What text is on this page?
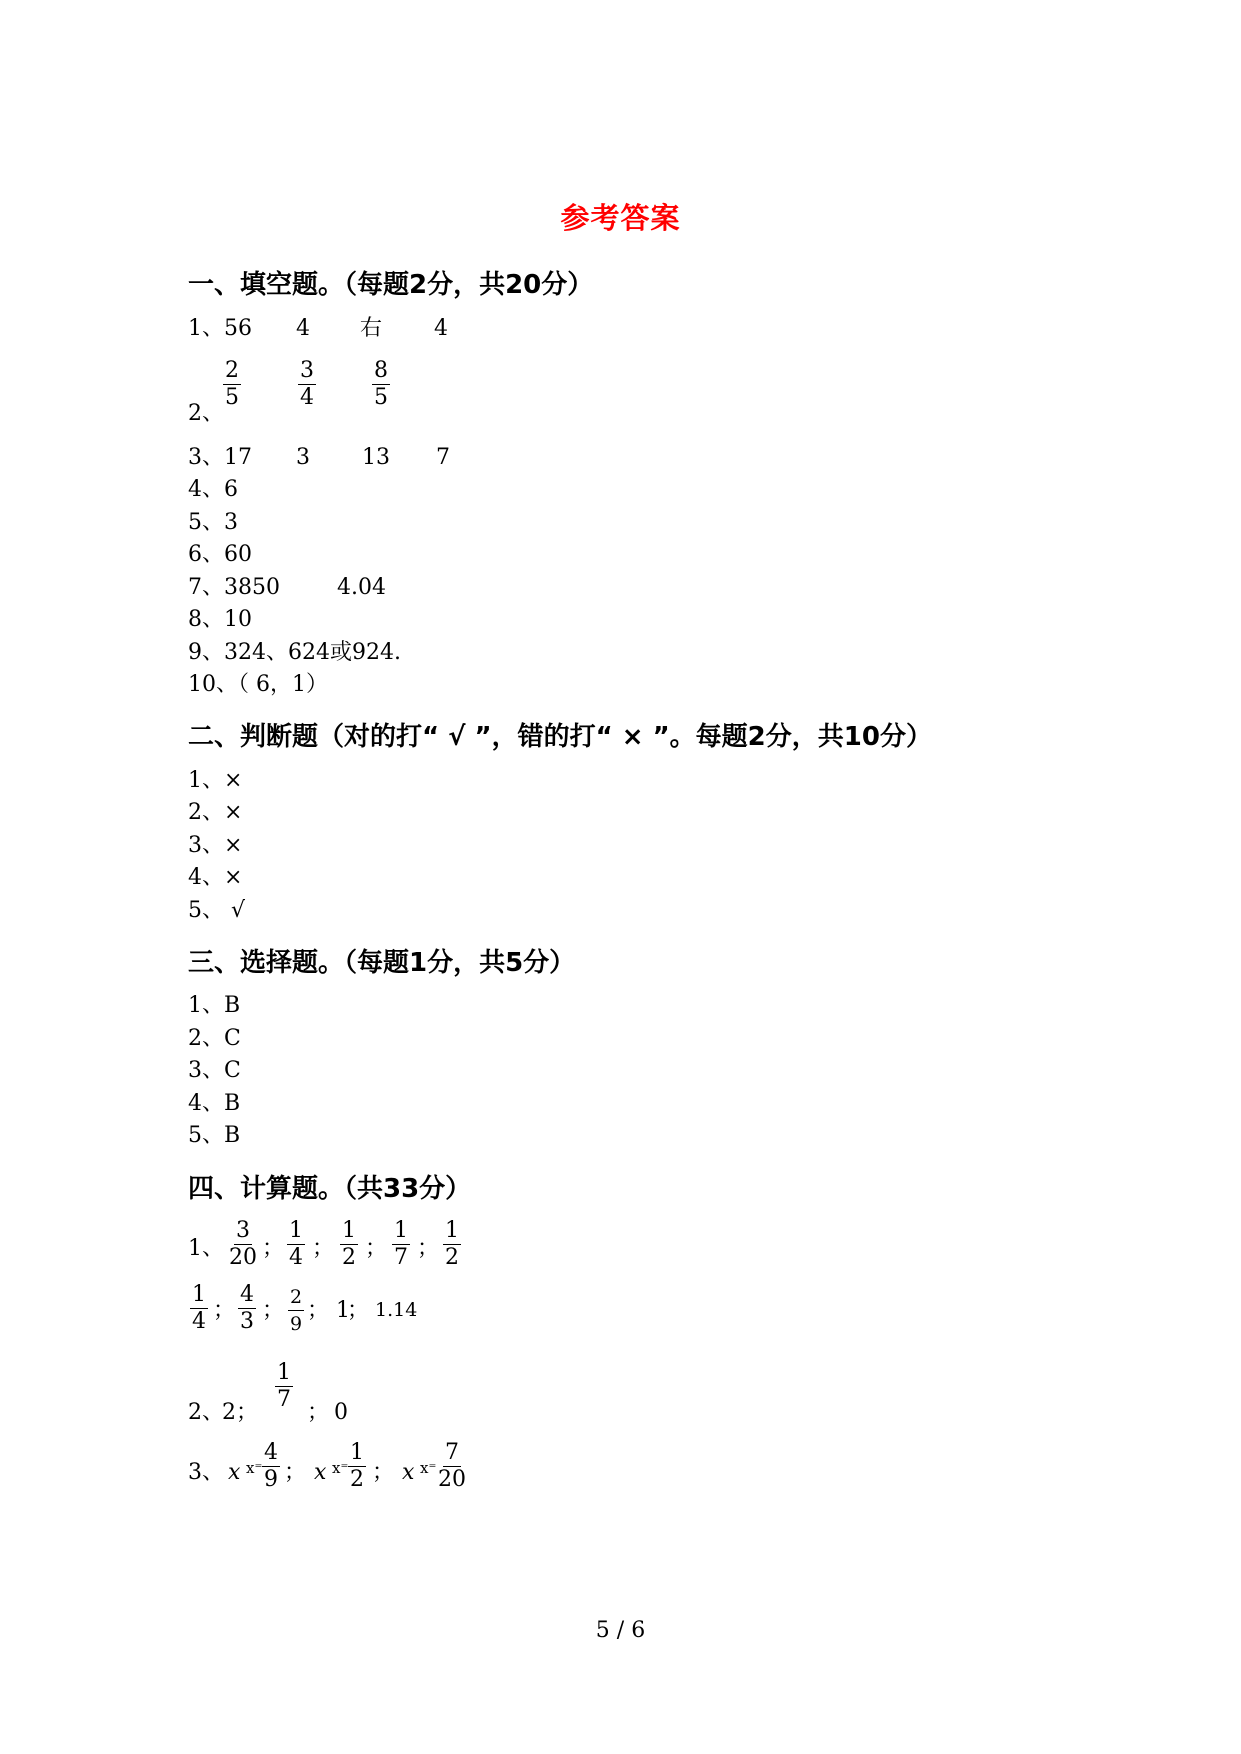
参考答案
一、填空题。（每题2分，共20分）
1、56 4 右 4
2、
$\frac{2}{5}$	$\frac{3}{4}$	$\frac{8}{5}$
3、17 3 13 7
4、6
5、3
6、60
7、3850	4.04
8、10
9、324、624或924.
10、（ 6，1）
二、判断题（对的打“ √ ”，错的打“ × ”。每题2分，共10分）
1、×
2、×
3、×
4、×
5、 √
三、选择题。（每题1分，共5分）
1、B
2、C
3、C
4、B
5、B
四、计算题。（共33分）
1、 $\frac{3}{20}$ ； $\frac{1}{4}$ ； $\frac{1}{2}$ ； $\frac{1}{7}$ ； $\frac{1}{2}$
$\frac{1}{4}$ ； $\frac{4}{3}$ ； $\frac{2}{9}$ ； 1
； 1.14
2、
2； $\frac{1}{7}$ ； 0
3、 x ⅹ⁼ $\frac{4}{9}$ ； x ⅹ⁼ $\frac{1}{2}$ ； x ⅹ⁼ $\frac{7}{20}$
5 / 6
